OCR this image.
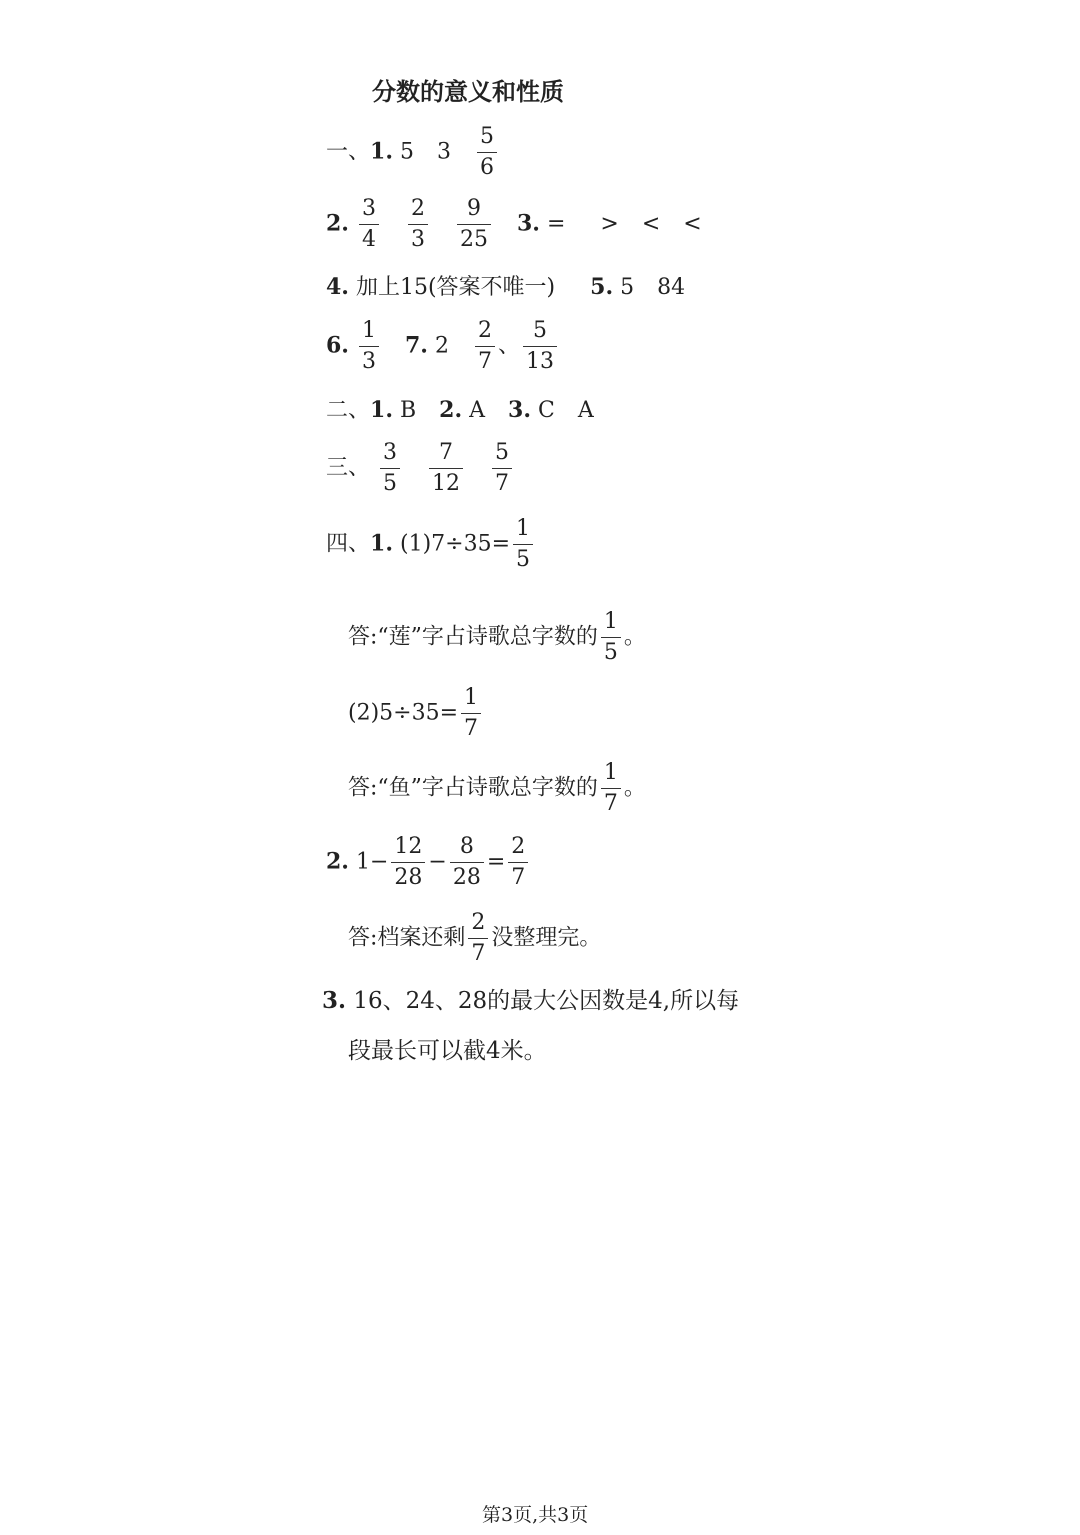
分数的意义和性质
一、1. 5 $3 \frac{5}{6}$
2. $\frac{3}{4}$
$\frac{2}{3}$
$\frac{9}{25} 3$. = > < <
4. 加上15(答案不唯一) 5. 5 84
6. $\frac{1}{3} 7$. $2 \frac{2}{7}$ 、 $\frac{5}{13}$
二、1. B 2. A 3. C A
三、 $\frac{3}{5}$
$\frac{7}{12}$
$\frac{5}{7}$
四、1. $(1)7\div 35= \frac{1}{5}$
答:“莲”字占诗歌总字数的 $\frac{1}{5}$ 。
$(2)5\div 35= \frac{1}{7}$
答:“鱼”字占诗歌总字数的 $\frac{1}{7}$ 。
2. $1- \frac{12}{28} - \frac{8}{28} = \frac{2}{7}$
答:档案还剩 $\frac{2}{7}$ 没整理完。
3. 16、24、28的最大公因数是4,所以每
段最长可以截4米。
第3页,共3页
